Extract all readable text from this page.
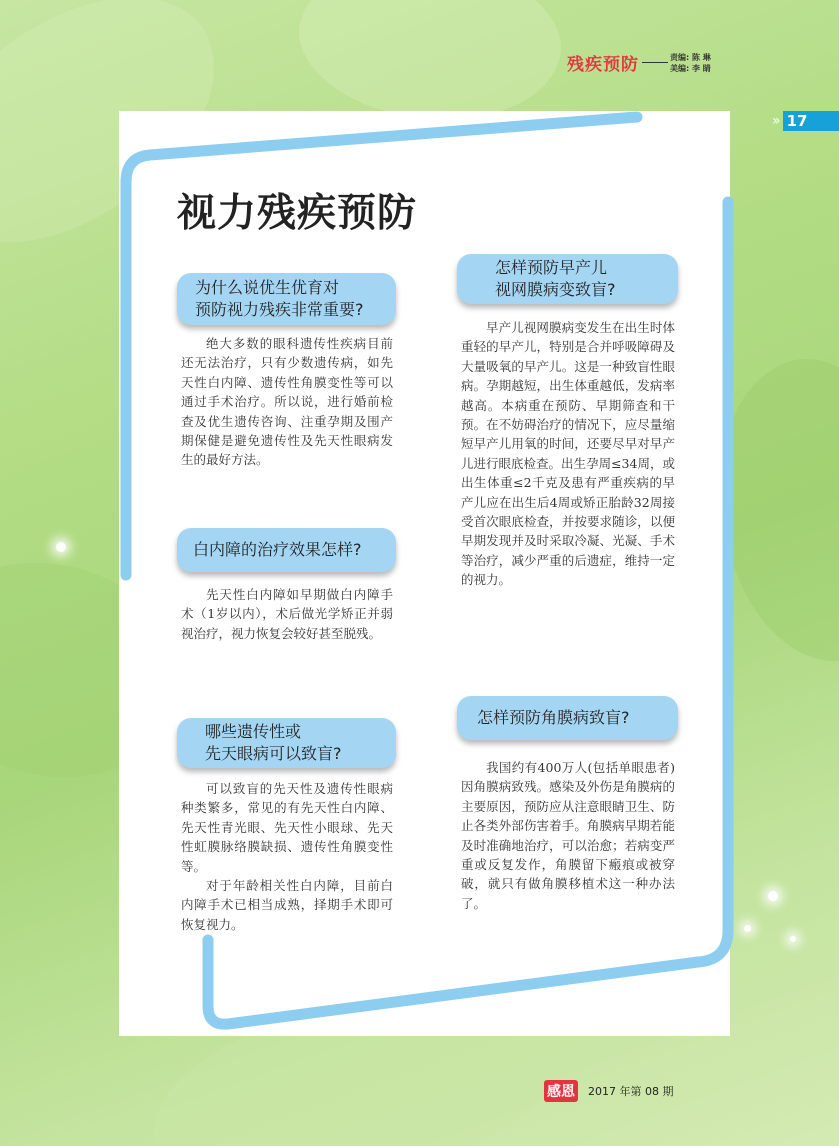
残疾预防	责编: 陈 琳
美编: 李 睛
» 17
视力残疾预防
为什么说优生优育对
预防视力残疾非常重要?

绝大多数的眼科遗传性疾病目前还无法治疗，只有少数遗传病，如先天性白内障、遗传性角膜变性等可以通过手术治疗。所以说，进行婚前检查及优生遗传咨询、注重孕期及围产期保健是避免遗传性及先天性眼病发生的最好方法。

白内障的治疗效果怎样?

先天性白内障如早期做白内障手术（1岁以内），术后做光学矫正并弱视治疗，视力恢复会较好甚至脱残。

哪些遗传性或
先天眼病可以致盲?

可以致盲的先天性及遗传性眼病种类繁多，常见的有先天性白内障、先天性青光眼、先天性小眼球、先天性虹膜脉络膜缺损、遗传性角膜变性等。

对于年龄相关性白内障，目前白内障手术已相当成熟，择期手术即可恢复视力。

怎样预防早产儿
视网膜病变致盲?

早产儿视网膜病变发生在出生时体重轻的早产儿，特别是合并呼吸障碍及大量吸氧的早产儿。这是一种致盲性眼病。孕期越短，出生体重越低，发病率越高。本病重在预防、早期筛查和干预。在不妨碍治疗的情况下，应尽量缩短早产儿用氧的时间，还要尽早对早产儿进行眼底检查。出生孕周≤34周，或出生体重≤2千克及患有严重疾病的早产儿应在出生后4周或矫正胎龄32周接受首次眼底检查，并按要求随诊，以便早期发现并及时采取冷凝、光凝、手术等治疗，减少严重的后遗症，维持一定的视力。

怎样预防角膜病致盲?

我国约有400万人(包括单眼患者)因角膜病致残。感染及外伤是角膜病的主要原因，预防应从注意眼睛卫生、防止各类外部伤害着手。角膜病早期若能及时准确地治疗，可以治愈；若病变严重或反复发作，角膜留下瘢痕或被穿破，就只有做角膜移植术这一种办法了。

感恩 2017 年第 08 期
